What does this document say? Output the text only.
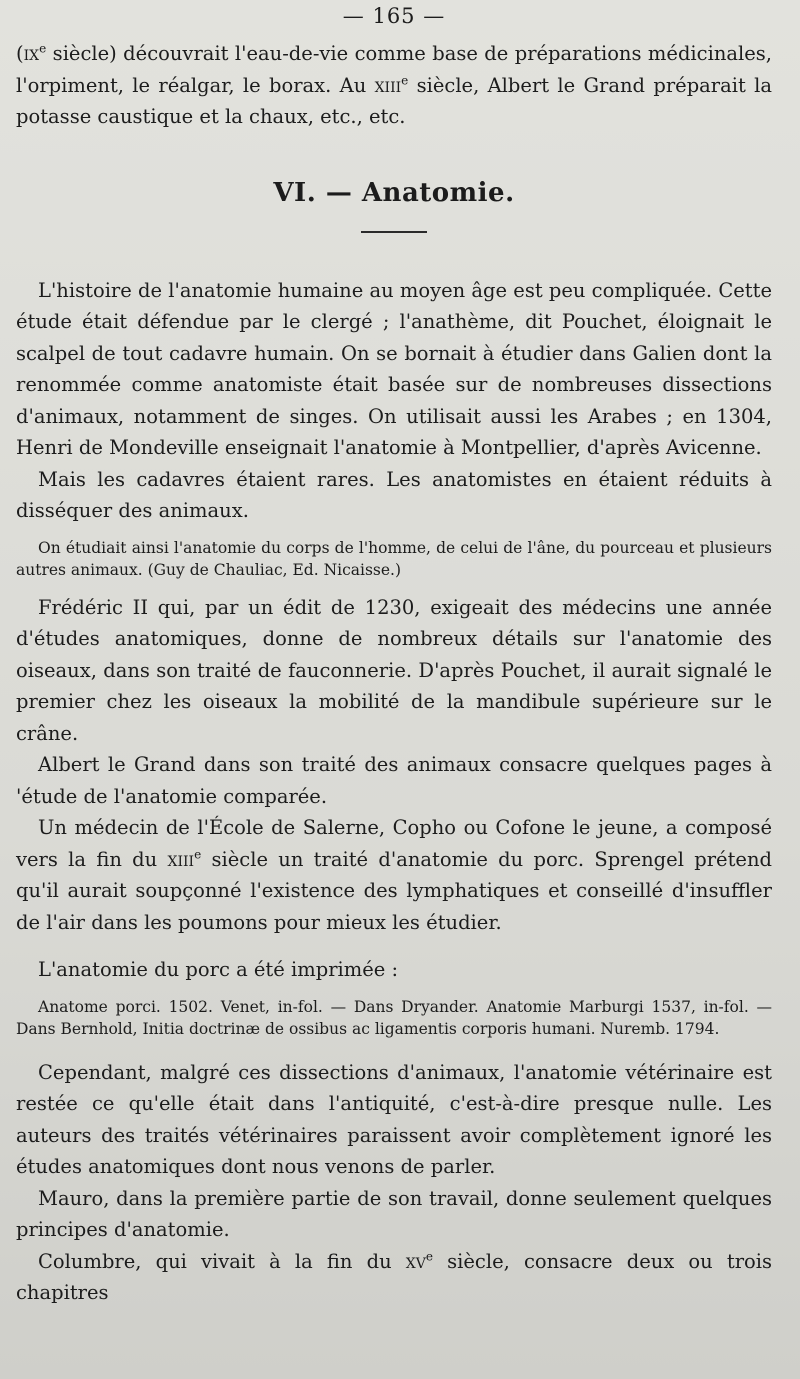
— 165 —

($ix^e$ siècle) découvrait l'eau-de-vie comme base de préparations médicinales, l'orpiment, le réalgar, le borax. Au xiii$^e$ siècle, Albert le Grand préparait la potasse caustique et la chaux, etc., etc.

VI. — Anatomie.

L'histoire de l'anatomie humaine au moyen âge est peu compliquée. Cette étude était défendue par le clergé ; l'anathème, dit Pouchet, éloignait le scalpel de tout cadavre humain. On se bornait à étudier dans Galien dont la renommée comme anatomiste était basée sur de nombreuses dissections d'animaux, notamment de singes. On utilisait aussi les Arabes ; en 1304, Henri de Mondeville enseignait l'anatomie à Montpellier, d'après Avicenne.

Mais les cadavres étaient rares. Les anatomistes en étaient réduits à disséquer des animaux.

On étudiait ainsi l'anatomie du corps de l'homme, de celui de l'âne, du pourceau et plusieurs autres animaux. (Guy de Chauliac, Ed. Nicaisse.)

Frédéric II qui, par un édit de 1230, exigeait des médecins une année d'études anatomiques, donne de nombreux détails sur l'anatomie des oiseaux, dans son traité de fauconnerie. D'après Pouchet, il aurait signalé le premier chez les oiseaux la mobilité de la mandibule supérieure sur le crâne.

Albert le Grand dans son traité des animaux consacre quelques pages à 'étude de l'anatomie comparée.

Un médecin de l'École de Salerne, Copho ou Cofone le jeune, a composé vers la fin du xiii$^e$ siècle un traité d'anatomie du porc. Sprengel prétend qu'il aurait soupçonné l'existence des lymphatiques et conseillé d'insuffler de l'air dans les poumons pour mieux les étudier.

L'anatomie du porc a été imprimée :

Anatome porci. 1502. Venet, in-fol. — Dans Dryander. Anatomie Marburgi 1537, in-fol. — Dans Bernhold, Initia doctrinæ de ossibus ac ligamentis corporis humani. Nuremb. 1794.

Cependant, malgré ces dissections d'animaux, l'anatomie vétérinaire est restée ce qu'elle était dans l'antiquité, c'est-à-dire presque nulle. Les auteurs des traités vétérinaires paraissent avoir complètement ignoré les études anatomiques dont nous venons de parler.

Mauro, dans la première partie de son travail, donne seulement quelques principes d'anatomie.

Columbre, qui vivait à la fin du $xv^e$ siècle, consacre deux ou trois chapitres
